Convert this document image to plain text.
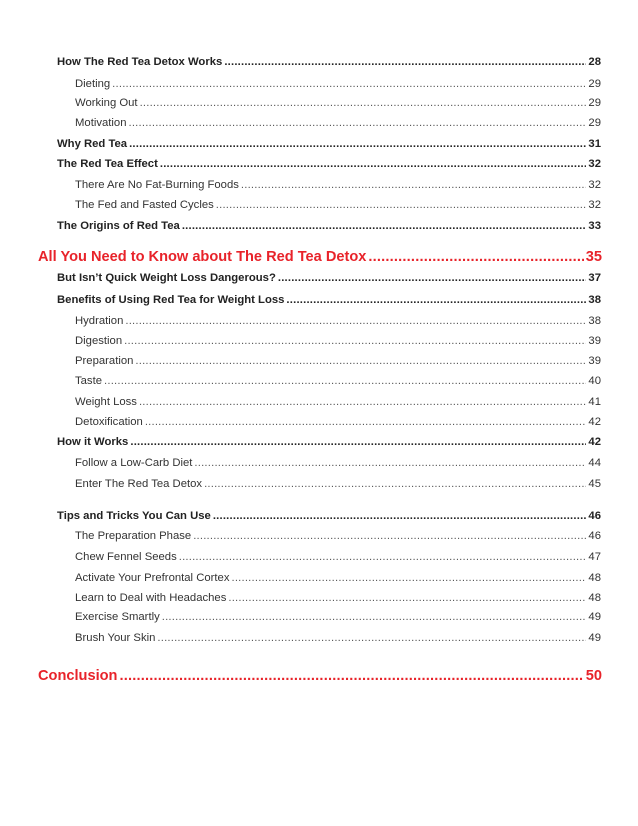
How The Red Tea Detox Works .....	28
Dieting .....	29
Working Out .....	29
Motivation .....	29
Why Red Tea .....	31
The Red Tea Effect .....	32
There Are No Fat-Burning Foods .....	32
The Fed and Fasted Cycles .....	32
The Origins of Red Tea .....	33
All You Need to Know about The Red Tea Detox .....	35
But Isn’t Quick Weight Loss Dangerous? .....	37
Benefits of Using Red Tea for Weight Loss .....	38
Hydration .....	38
Digestion .....	39
Preparation .....	39
Taste .....	40
Weight Loss .....	41
Detoxification .....	42
How it Works .....	42
Follow a Low-Carb Diet .....	44
Enter The Red Tea Detox .....	45
Tips and Tricks You Can Use .....	46
The Preparation Phase .....	46
Chew Fennel Seeds .....	47
Activate Your Prefrontal Cortex .....	48
Learn to Deal with Headaches .....	48
Exercise Smartly .....	49
Brush Your Skin .....	49
Conclusion .....	50
